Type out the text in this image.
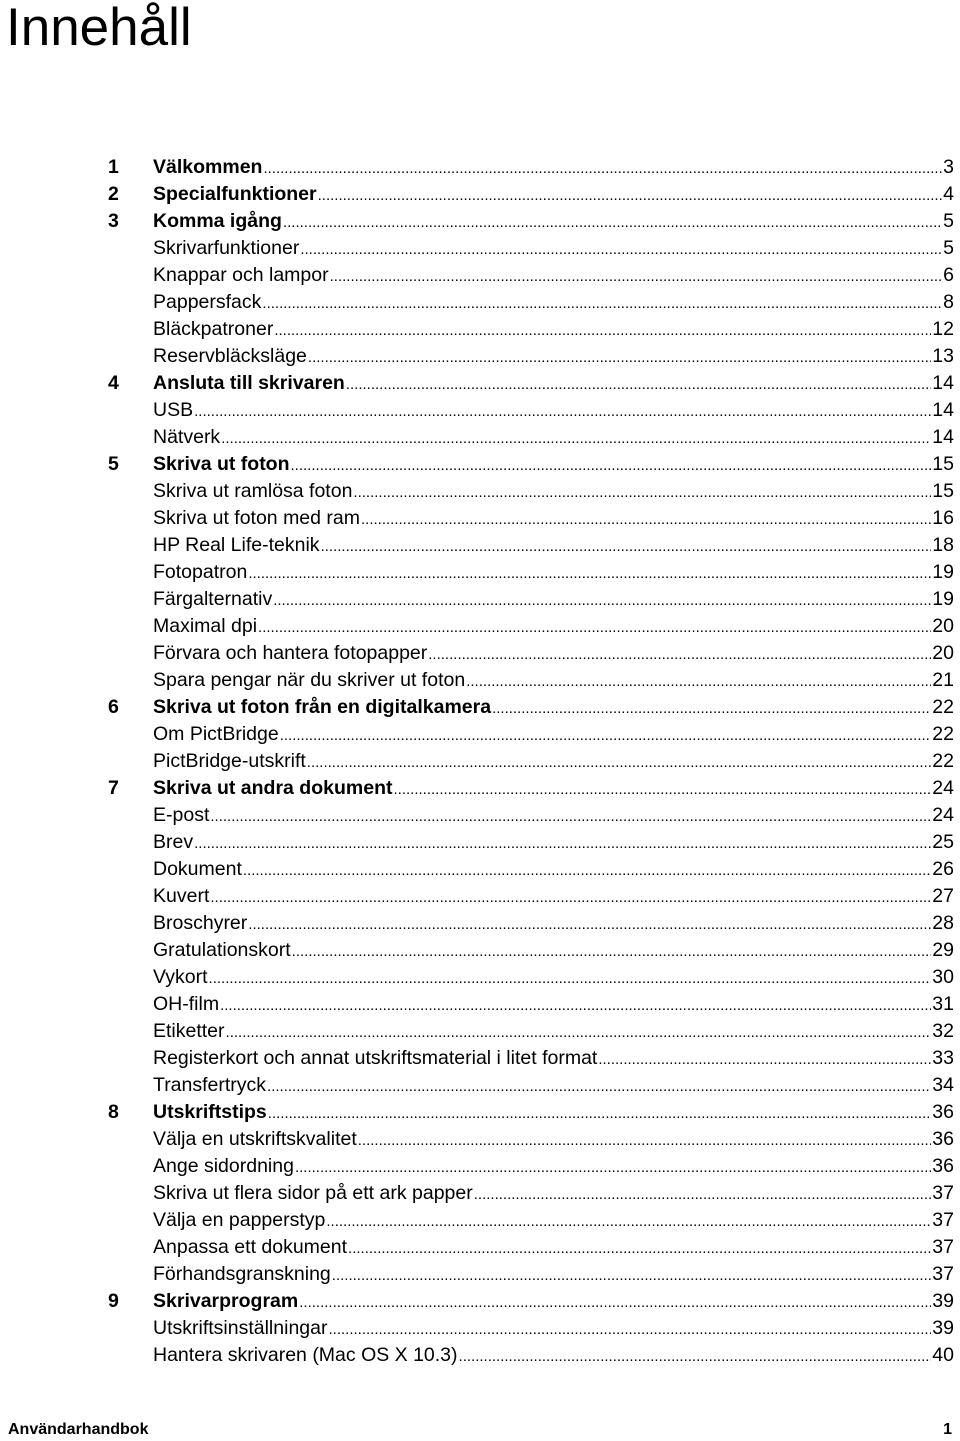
Innehåll
1	Välkommen .....	3
2	Specialfunktioner .....	4
3	Komma igång .....	5
Skrivarfunktioner .....	5
Knappar och lampor .....	6
Pappersfack .....	8
Bläckpatroner .....	12
Reservbläcksläge .....	13
4	Ansluta till skrivaren .....	14
USB .....	14
Nätverk .....	14
5	Skriva ut foton .....	15
Skriva ut ramlösa foton .....	15
Skriva ut foton med ram .....	16
HP Real Life-teknik .....	18
Fotopatron .....	19
Färgalternativ .....	19
Maximal dpi .....	20
Förvara och hantera fotopapper .....	20
Spara pengar när du skriver ut foton .....	21
6	Skriva ut foton från en digitalkamera .....	22
Om PictBridge .....	22
PictBridge-utskrift .....	22
7	Skriva ut andra dokument .....	24
E-post .....	24
Brev .....	25
Dokument .....	26
Kuvert .....	27
Broschyrer .....	28
Gratulationskort .....	29
Vykort .....	30
OH-film .....	31
Etiketter .....	32
Registerkort och annat utskriftsmaterial i litet format .....	33
Transfertryck .....	34
8	Utskriftstips .....	36
Välja en utskriftskvalitet .....	36
Ange sidordning .....	36
Skriva ut flera sidor på ett ark papper .....	37
Välja en papperstyp .....	37
Anpassa ett dokument .....	37
Förhandsgranskning .....	37
9	Skrivarprogram .....	39
Utskriftsinställningar .....	39
Hantera skrivaren (Mac OS X 10.3) .....	40
Användarhandbok	1
